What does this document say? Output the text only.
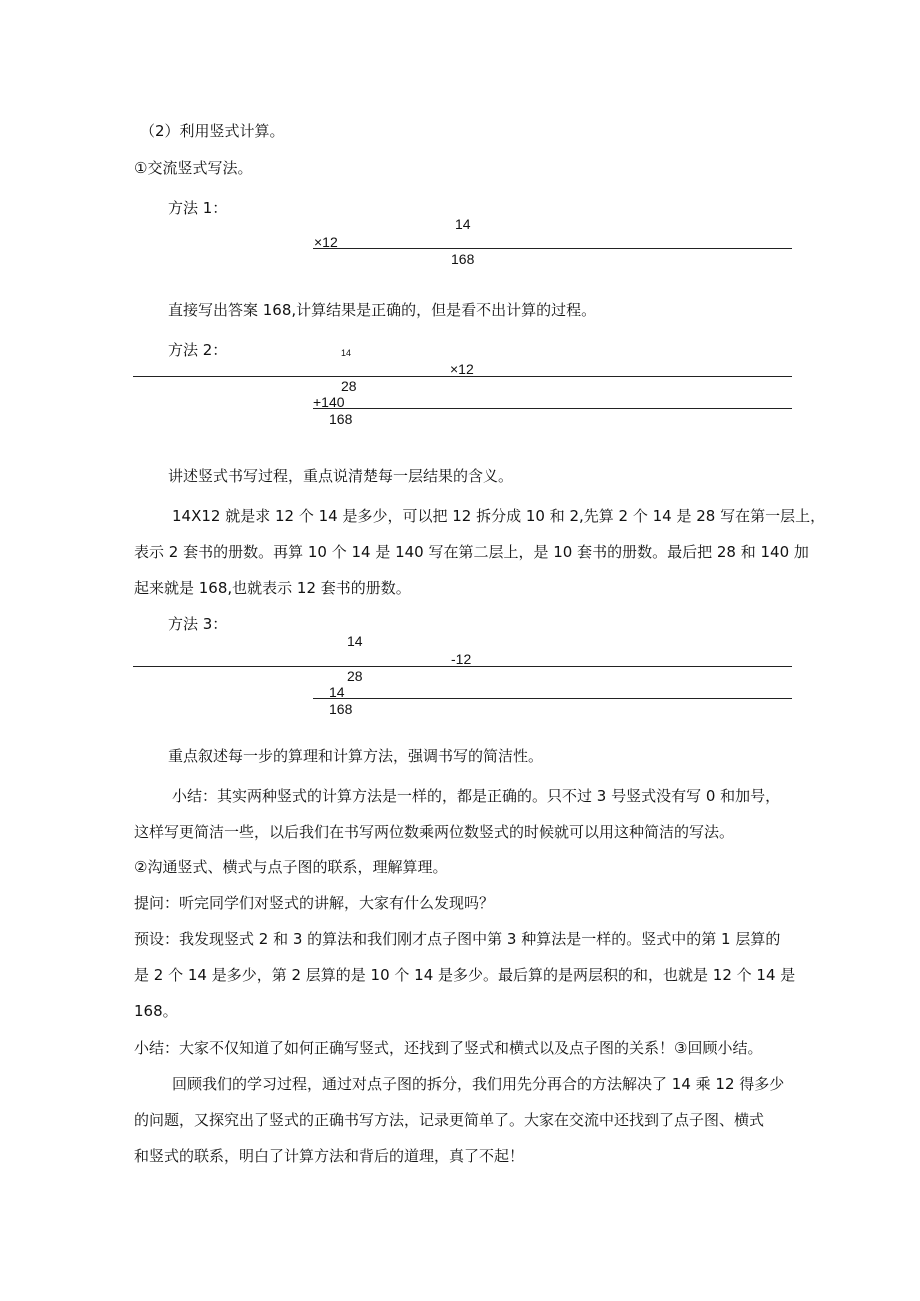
（2）利用竖式计算。
①交流竖式写法。
方法 1：
14
×12
168
直接写出答案 168,计算结果是正确的，但是看不出计算的过程。
方法 2：	14
×12
28
+140
168
讲述竖式书写过程，重点说清楚每一层结果的含义。
14X12 就是求 12 个 14 是多少，可以把 12 拆分成 10 和 2,先算 2 个 14 是 28 写在第一层上，
表示 2 套书的册数。再算 10 个 14 是 140 写在第二层上，是 10 套书的册数。最后把 28 和 140 加
起来就是 168,也就表示 12 套书的册数。
方法 3：
14
-12
28
14
168
重点叙述每一步的算理和计算方法，强调书写的简洁性。
小结：其实两种竖式的计算方法是一样的，都是正确的。只不过 3 号竖式没有写 0 和加号，
这样写更简洁一些，以后我们在书写两位数乘两位数竖式的时候就可以用这种简洁的写法。
②沟通竖式、横式与点子图的联系，理解算理。
提问：听完同学们对竖式的讲解，大家有什么发现吗？
预设：我发现竖式 2 和 3 的算法和我们刚才点子图中第 3 种算法是一样的。竖式中的第 1 层算的
是 2 个 14 是多少，第 2 层算的是 10 个 14 是多少。最后算的是两层积的和，也就是 12 个 14 是
168。
小结：大家不仅知道了如何正确写竖式，还找到了竖式和横式以及点子图的关系！③回顾小结。
回顾我们的学习过程，通过对点子图的拆分，我们用先分再合的方法解决了 14 乘 12 得多少
的问题，又探究出了竖式的正确书写方法，记录更简单了。大家在交流中还找到了点子图、横式
和竖式的联系，明白了计算方法和背后的道理，真了不起！
